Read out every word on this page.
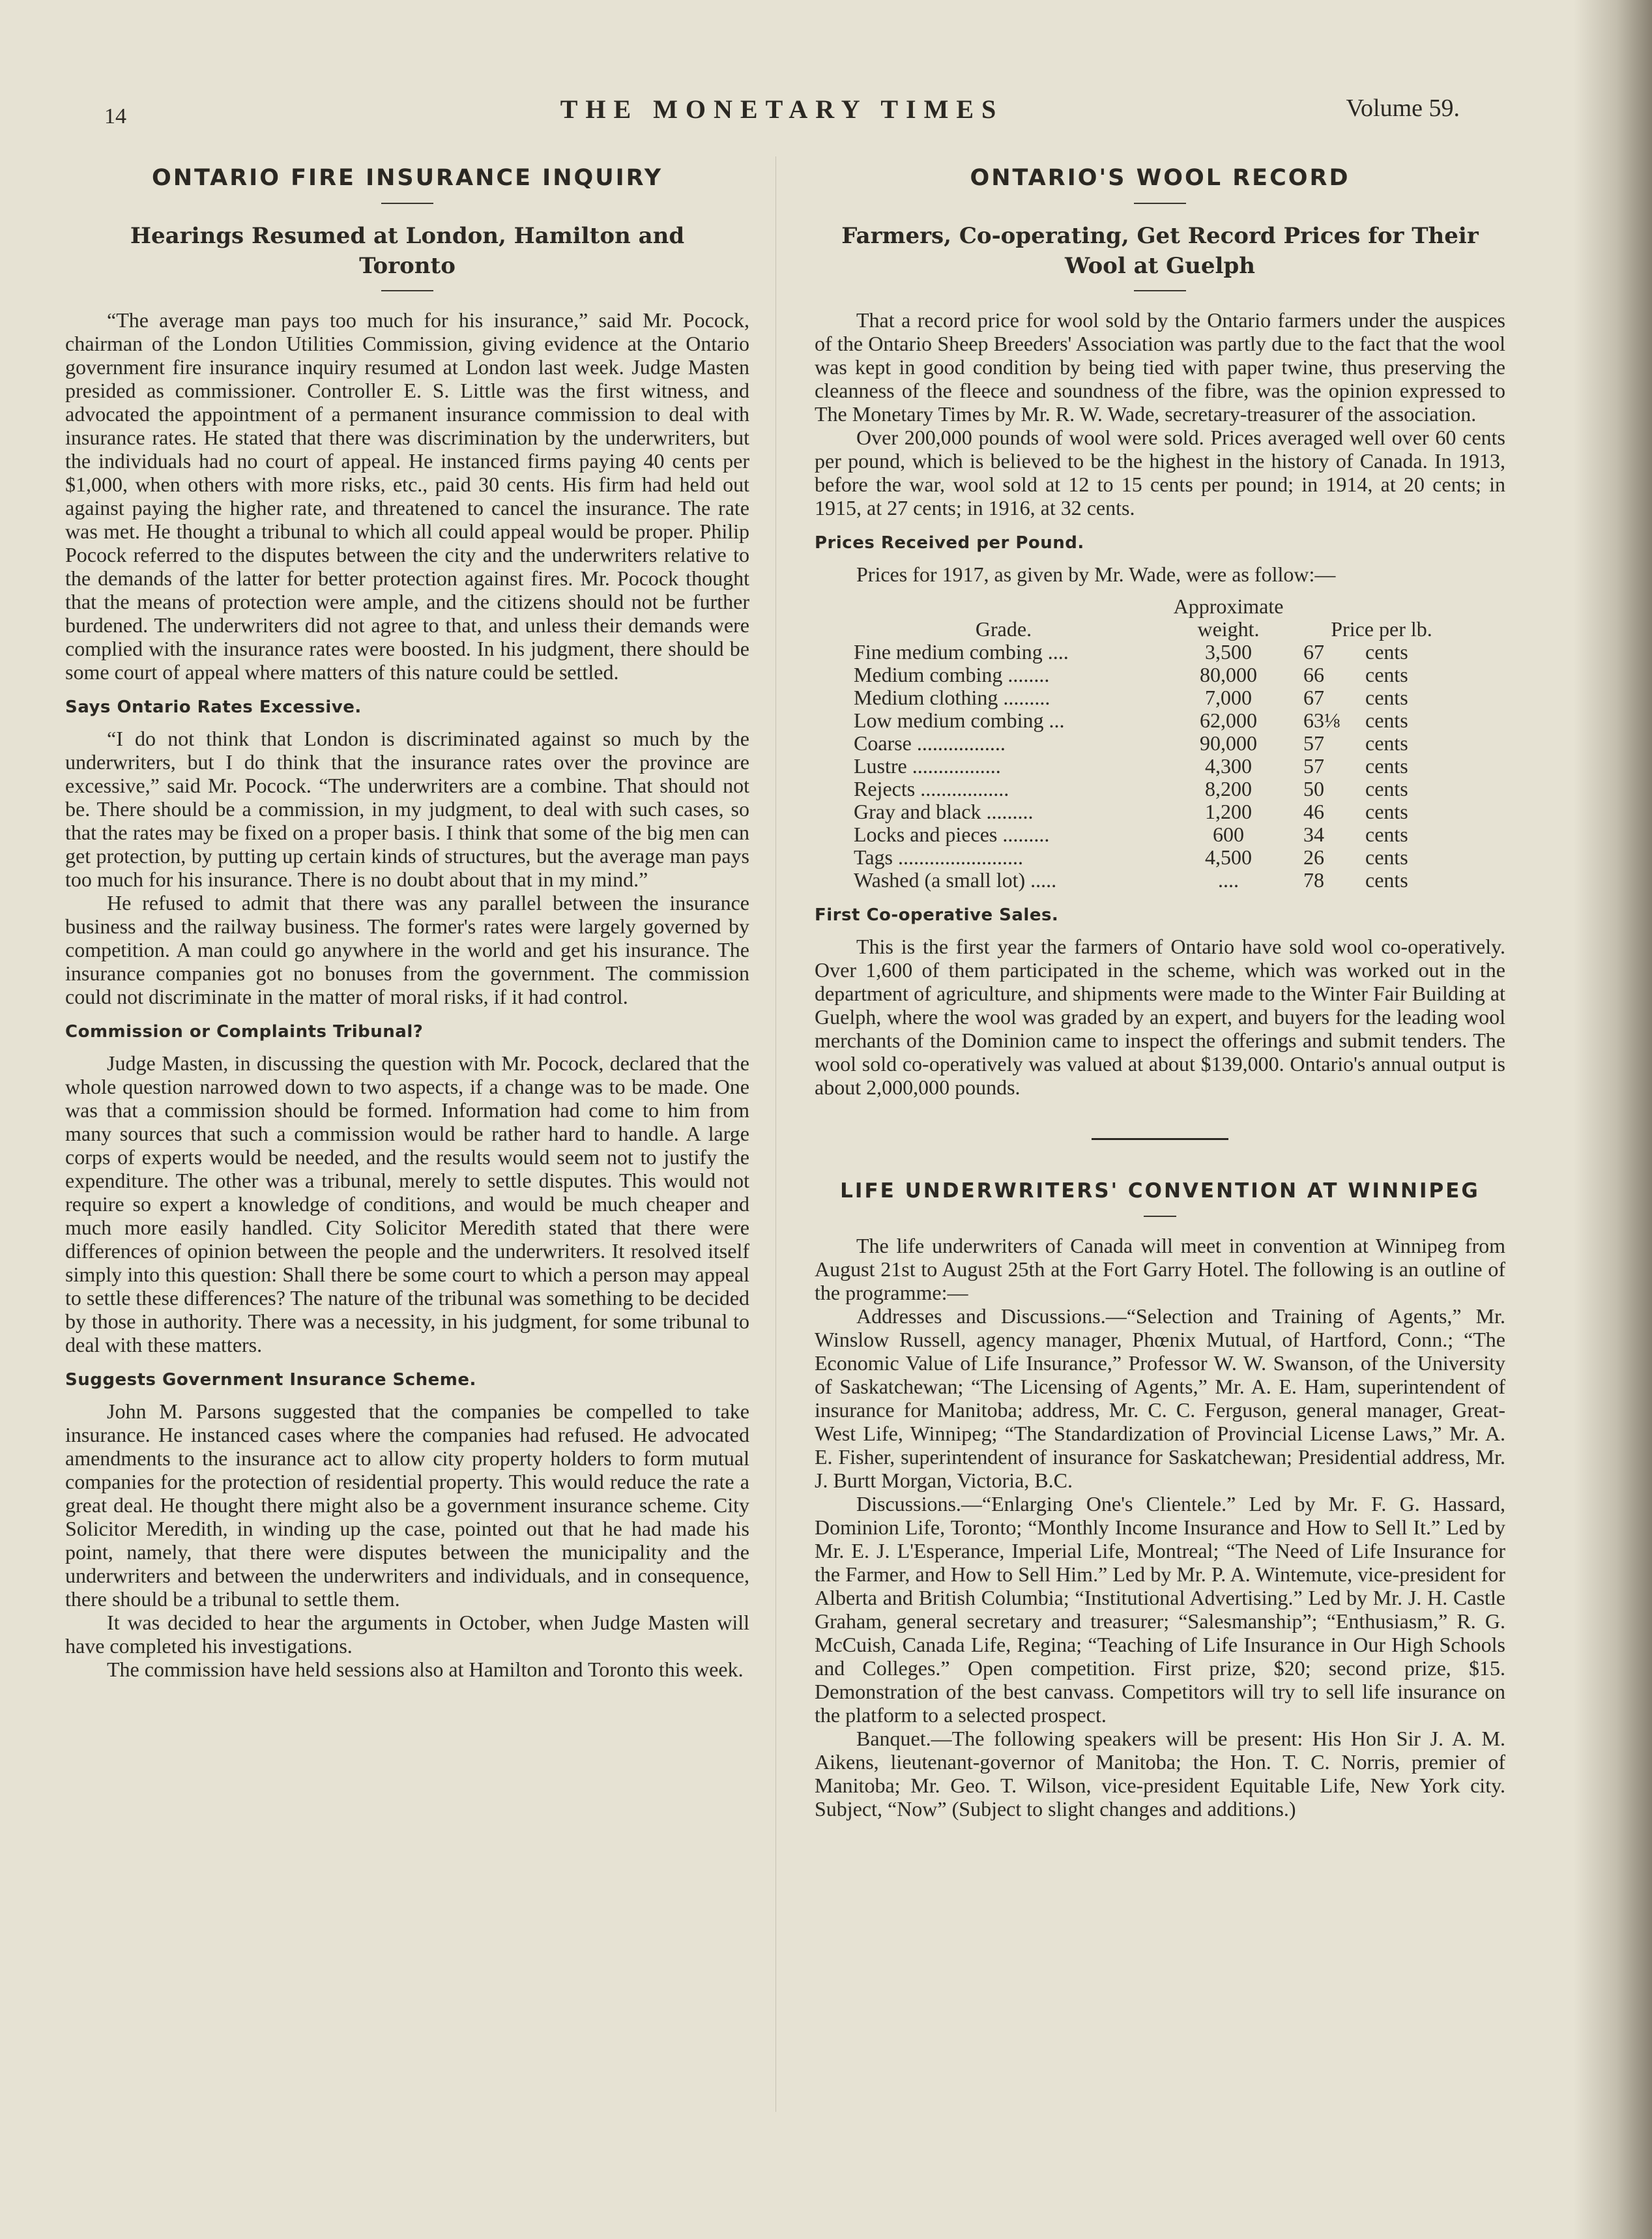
14	THE MONETARY TIMES	Volume 59.
ONTARIO FIRE INSURANCE INQUIRY
Hearings Resumed at London, Hamilton and Toronto

“The average man pays too much for his insurance,” said Mr. Pocock, chairman of the London Utilities Commission, giving evidence at the Ontario government fire insurance inquiry resumed at London last week. Judge Masten presided as commissioner. Controller E. S. Little was the first witness, and advocated the appointment of a permanent insurance commission to deal with insurance rates. He stated that there was discrimination by the underwriters, but the individuals had no court of appeal. He instanced firms paying 40 cents per $1,000, when others with more risks, etc., paid 30 cents. His firm had held out against paying the higher rate, and threatened to cancel the insurance. The rate was met. He thought a tribunal to which all could appeal would be proper. Philip Pocock referred to the disputes between the city and the underwriters relative to the demands of the latter for better protection against fires. Mr. Pocock thought that the means of protection were ample, and the citizens should not be further burdened. The underwriters did not agree to that, and unless their demands were complied with the insurance rates were boosted. In his judgment, there should be some court of appeal where matters of this nature could be settled.

Says Ontario Rates Excessive.

“I do not think that London is discriminated against so much by the underwriters, but I do think that the insurance rates over the province are excessive,” said Mr. Pocock. “The underwriters are a combine. That should not be. There should be a commission, in my judgment, to deal with such cases, so that the rates may be fixed on a proper basis. I think that some of the big men can get protection, by putting up certain kinds of structures, but the average man pays too much for his insurance. There is no doubt about that in my mind.”

He refused to admit that there was any parallel between the insurance business and the railway business. The former's rates were largely governed by competition. A man could go anywhere in the world and get his insurance. The insurance companies got no bonuses from the government. The commission could not discriminate in the matter of moral risks, if it had control.

Commission or Complaints Tribunal?

Judge Masten, in discussing the question with Mr. Pocock, declared that the whole question narrowed down to two aspects, if a change was to be made. One was that a commission should be formed. Information had come to him from many sources that such a commission would be rather hard to handle. A large corps of experts would be needed, and the results would seem not to justify the expenditure. The other was a tribunal, merely to settle disputes. This would not require so expert a knowledge of conditions, and would be much cheaper and much more easily handled. City Solicitor Meredith stated that there were differences of opinion between the people and the underwriters. It resolved itself simply into this question: Shall there be some court to which a person may appeal to settle these differences? The nature of the tribunal was something to be decided by those in authority. There was a necessity, in his judgment, for some tribunal to deal with these matters.

Suggests Government Insurance Scheme.

John M. Parsons suggested that the companies be compelled to take insurance. He instanced cases where the companies had refused. He advocated amendments to the insurance act to allow city property holders to form mutual companies for the protection of residential property. This would reduce the rate a great deal. He thought there might also be a government insurance scheme. City Solicitor Meredith, in winding up the case, pointed out that he had made his point, namely, that there were disputes between the municipality and the underwriters and between the underwriters and individuals, and in consequence, there should be a tribunal to settle them.

It was decided to hear the arguments in October, when Judge Masten will have completed his investigations.

The commission have held sessions also at Hamilton and Toronto this week.

ONTARIO'S WOOL RECORD
Farmers, Co-operating, Get Record Prices for Their Wool at Guelph

That a record price for wool sold by the Ontario farmers under the auspices of the Ontario Sheep Breeders' Association was partly due to the fact that the wool was kept in good condition by being tied with paper twine, thus preserving the cleanness of the fleece and soundness of the fibre, was the opinion expressed to The Monetary Times by Mr. R. W. Wade, secretary-treasurer of the association.

Over 200,000 pounds of wool were sold. Prices averaged well over 60 cents per pound, which is believed to be the highest in the history of Canada. In 1913, before the war, wool sold at 12 to 15 cents per pound; in 1914, at 20 cents; in 1915, at 27 cents; in 1916, at 32 cents.

Prices Received per Pound.

Prices for 1917, as given by Mr. Wade, were as follow:—

	Approximate	
Grade.	weight.	Price per lb.
Fine medium combing ....	3,500	67 cents
Medium combing ........	80,000	66 cents
Medium clothing .........	7,000	67 cents
Low medium combing ...	62,000	63⅛ cents
Coarse .................	90,000	57 cents
Lustre .................	4,300	57 cents
Rejects .................	8,200	50 cents
Gray and black .........	1,200	46 cents
Locks and pieces .........	600	34 cents
Tags ........................	4,500	26 cents
Washed (a small lot) .....	....	78 cents
First Co-operative Sales.

This is the first year the farmers of Ontario have sold wool co-operatively. Over 1,600 of them participated in the scheme, which was worked out in the department of agriculture, and shipments were made to the Winter Fair Building at Guelph, where the wool was graded by an expert, and buyers for the leading wool merchants of the Dominion came to inspect the offerings and submit tenders. The wool sold co-operatively was valued at about $139,000. Ontario's annual output is about 2,000,000 pounds.

LIFE UNDERWRITERS' CONVENTION AT WINNIPEG

The life underwriters of Canada will meet in convention at Winnipeg from August 21st to August 25th at the Fort Garry Hotel. The following is an outline of the programme:—

Addresses and Discussions.—“Selection and Training of Agents,” Mr. Winslow Russell, agency manager, Phœnix Mutual, of Hartford, Conn.; “The Economic Value of Life Insurance,” Professor W. W. Swanson, of the University of Saskatchewan; “The Licensing of Agents,” Mr. A. E. Ham, superintendent of insurance for Manitoba; address, Mr. C. C. Ferguson, general manager, Great-West Life, Winnipeg; “The Standardization of Provincial License Laws,” Mr. A. E. Fisher, superintendent of insurance for Saskatchewan; Presidential address, Mr. J. Burtt Morgan, Victoria, B.C.

Discussions.—“Enlarging One's Clientele.” Led by Mr. F. G. Hassard, Dominion Life, Toronto; “Monthly Income Insurance and How to Sell It.” Led by Mr. E. J. L'Esperance, Imperial Life, Montreal; “The Need of Life Insurance for the Farmer, and How to Sell Him.” Led by Mr. P. A. Wintemute, vice-president for Alberta and British Columbia; “Institutional Advertising.” Led by Mr. J. H. Castle Graham, general secretary and treasurer; “Salesmanship”; “Enthusiasm,” R. G. McCuish, Canada Life, Regina; “Teaching of Life Insurance in Our High Schools and Colleges.” Open competition. First prize, $20; second prize, $15. Demonstration of the best canvass. Competitors will try to sell life insurance on the platform to a selected prospect.

Banquet.—The following speakers will be present: His Hon Sir J. A. M. Aikens, lieutenant-governor of Manitoba; the Hon. T. C. Norris, premier of Manitoba; Mr. Geo. T. Wilson, vice-president Equitable Life, New York city. Subject, “Now” (Subject to slight changes and additions.)
